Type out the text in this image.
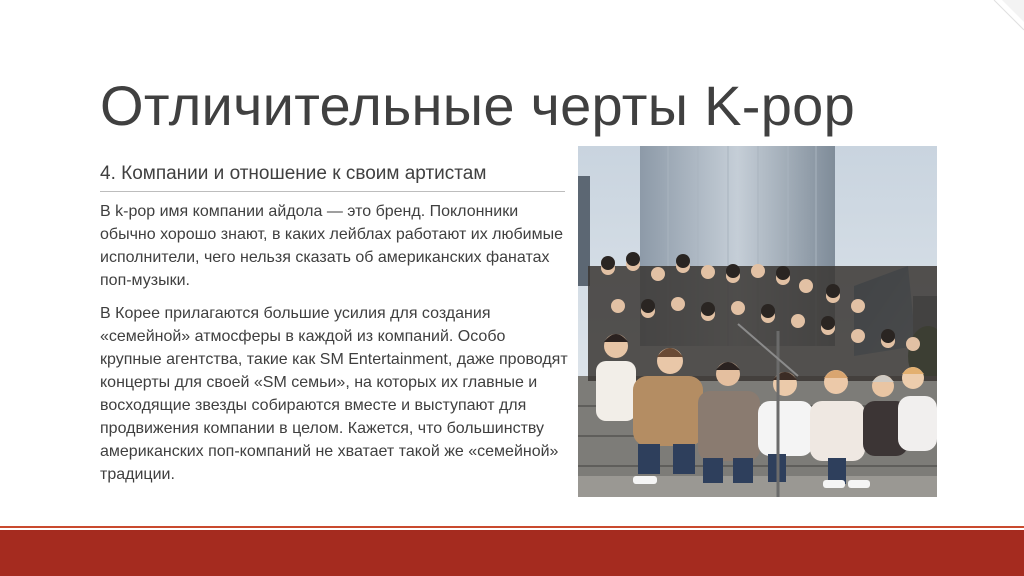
Отличительные черты K-pop
4. Компании и отношение к своим артистам

В k-pop имя компании айдола — это бренд. Поклонники обычно хорошо знают, в каких лейблах работают их любимые исполнители, чего нельзя сказать об американских фанатах поп-музыки.

В Корее прилагаются большие усилия для создания «семейной» атмосферы в каждой из компаний. Особо крупные агентства, такие как SM Entertainment, даже проводят концерты для своей «SM семьи», на которых их главные и восходящие звезды собираются вместе и выступают для продвижения компании в целом. Кажется, что большинству американских поп-компаний не хватает такой же «семейной» традиции.
